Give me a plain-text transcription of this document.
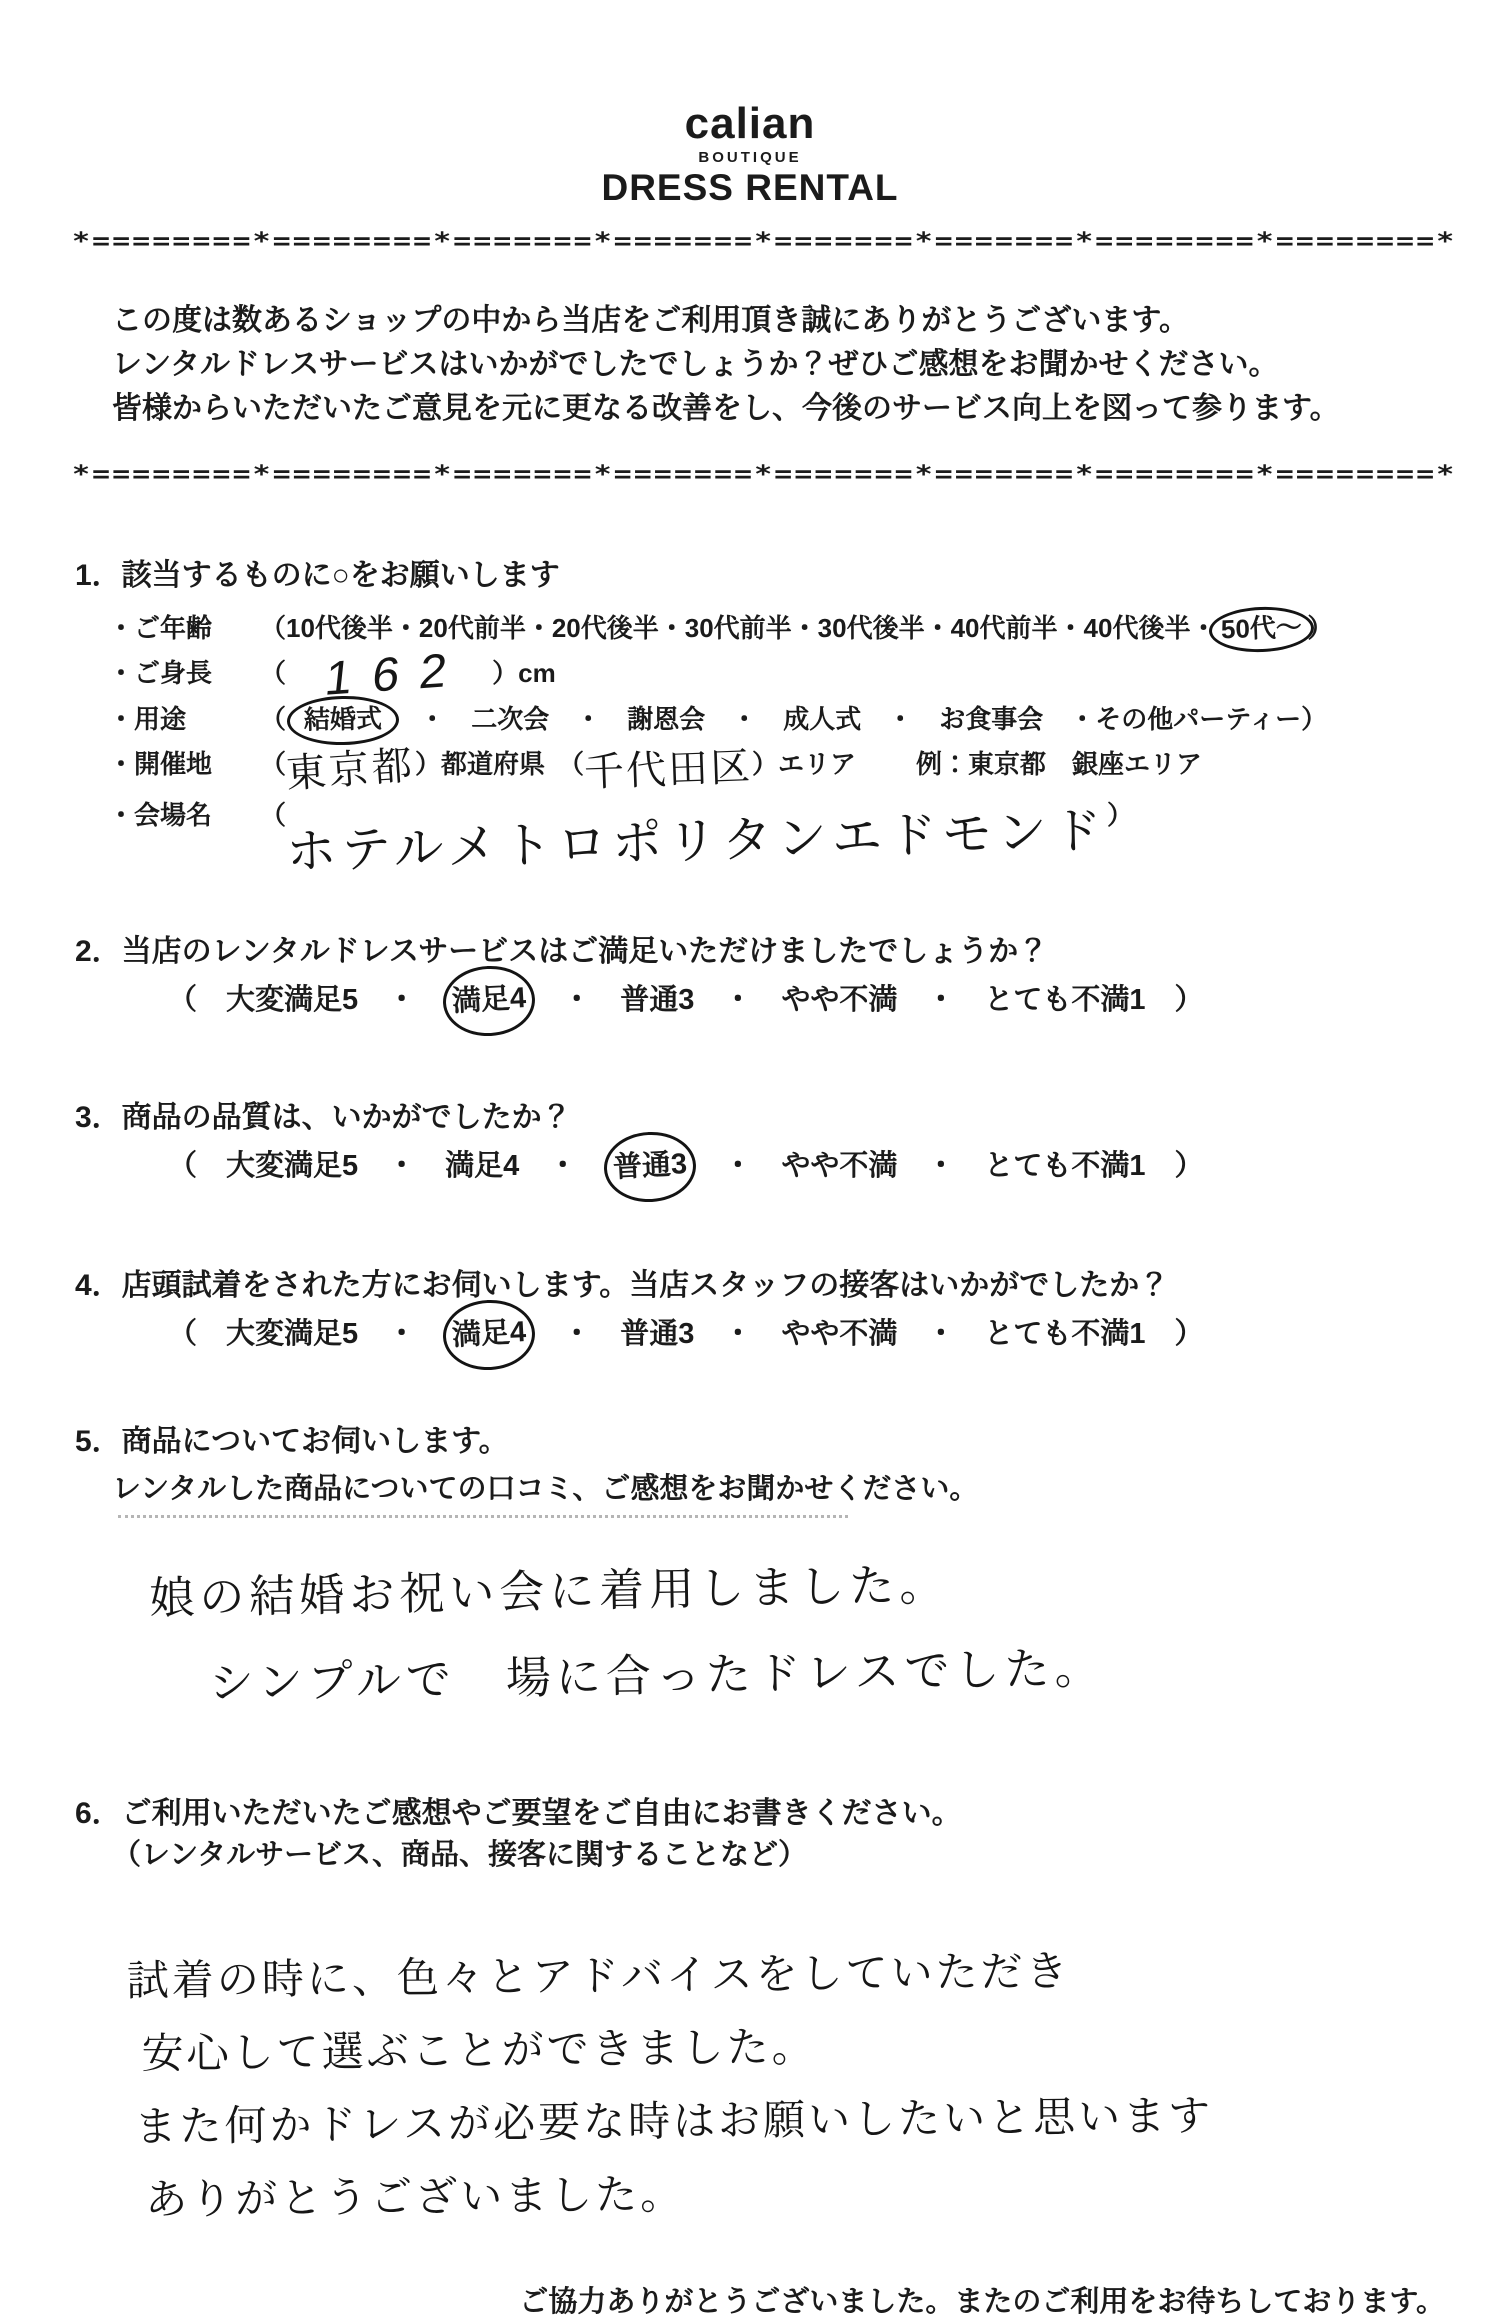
calian
BOUTIQUE
DRESS RENTAL
*========*========*=======*=======*=======*=======*========*========*
この度は数あるショップの中から当店をご利用頂き誠にありがとうございます。
レンタルドレスサービスはいかがでしたでしょうか？ぜひご感想をお聞かせください。
皆様からいただいたご意見を元に更なる改善をし、今後のサービス向上を図って参ります。
*========*========*=======*=======*=======*=======*========*========*
1．該当するものに○をお願いします
・ご年齢 （10代後半・20代前半・20代後半・30代前半・30代後半・40代前半・40代後半・ 50代～ ）
・ご身長 （ 162 ）cm
・用途	（ 結婚式　・　二次会　・　謝恩会　・　成人式　・　お食事会　・その他パーティー）
・開催地 （東京都）都道府県　（千代田区）エリア 例：東京都　銀座エリア
・会場名 （ホテルメトロポリタンエドモンド）
2．当店のレンタルドレスサービスはご満足いただけましたでしょうか？
（　大変満足5　・　満足4　・　普通3　・　やや不満　・　とても不満1　）
3．商品の品質は、いかがでしたか？
（　大変満足5　・　満足4　・　普通3　・　やや不満　・　とても不満1　）
4．店頭試着をされた方にお伺いします。当店スタッフの接客はいかがでしたか？
（　大変満足5　・　満足4　・　普通3　・　やや不満　・　とても不満1　）
5．商品についてお伺いします。
レンタルした商品についての口コミ、ご感想をお聞かせください。
娘の結婚お祝い会に着用しました。
シンプルで　場に合ったドレスでした。
6．ご利用いただいたご感想やご要望をご自由にお書きください。
（レンタルサービス、商品、接客に関することなど）
試着の時に、色々とアドバイスをしていただき
安心して選ぶことができました。
また何かドレスが必要な時はお願いしたいと思います
ありがとうございました。
ご協力ありがとうございました。またのご利用をお待ちしております。
